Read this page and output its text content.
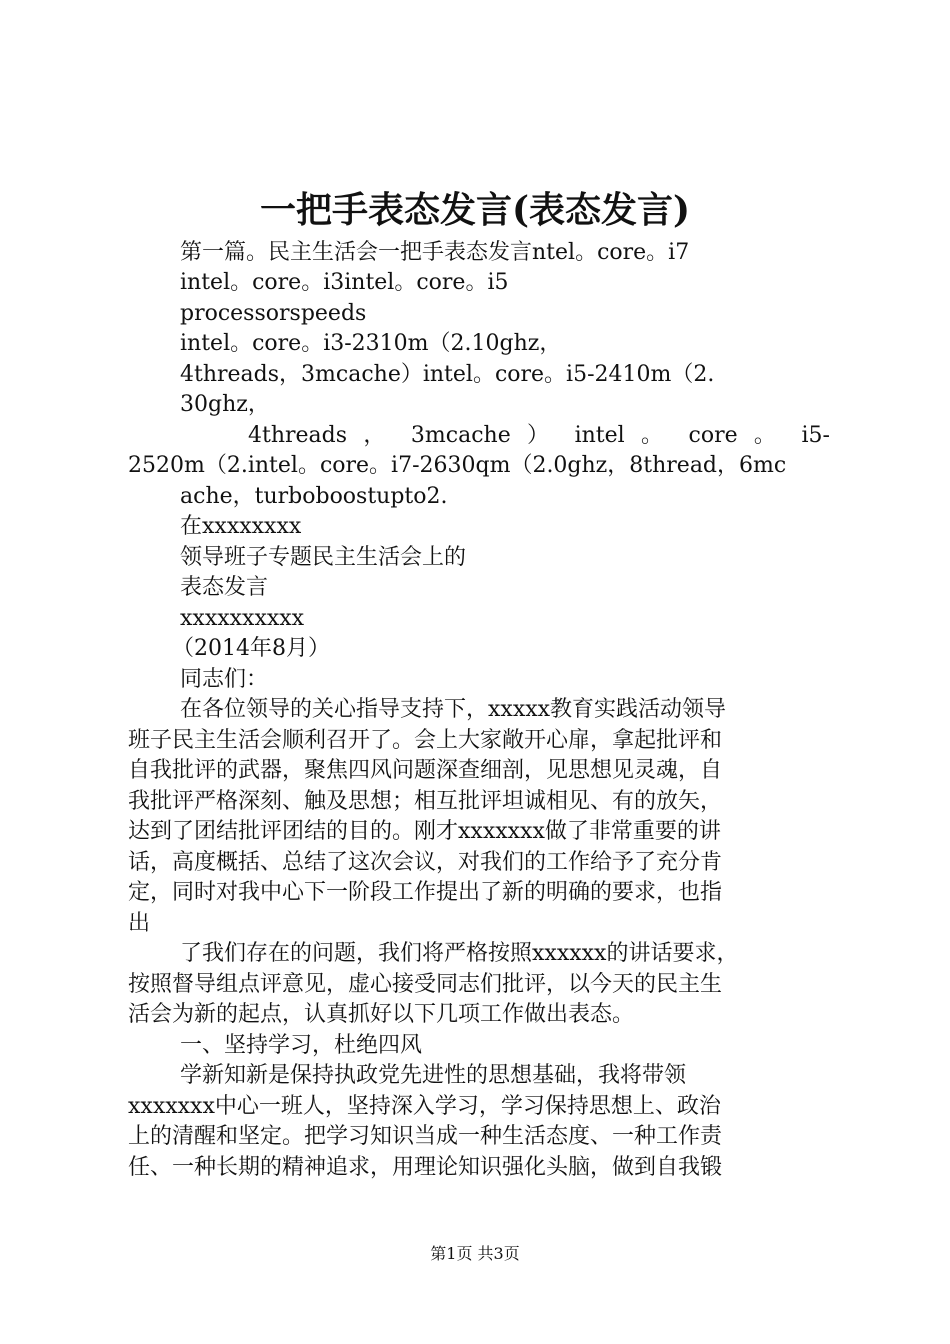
一把手表态发言(表态发言)
第一篇。民主生活会一把手表态发言ntel。core。i7
intel。core。i3intel。core。i5
processorspeeds
intel。core。i3-2310m（2.10ghz，
4threads，3mcache）intel。core。i5-2410m（2.
30ghz，
4threads ， 3mcache ） intel 。 core 。 i5-
2520m（2.intel。core。i7-2630qm（2.0ghz，8thread，6mc
ache，turboboostupto2.
在xxxxxxxx
领导班子专题民主生活会上的
表态发言
xxxxxxxxxx
（2014年8月）
同志们：
在各位领导的关心指导支持下，xxxxx教育实践活动领导
班子民主生活会顺利召开了。会上大家敞开心扉，拿起批评和
自我批评的武器，聚焦四风问题深查细剖，见思想见灵魂，自
我批评严格深刻、触及思想；相互批评坦诚相见、有的放矢，
达到了团结批评团结的目的。刚才xxxxxxx做了非常重要的讲
话，高度概括、总结了这次会议，对我们的工作给予了充分肯
定，同时对我中心下一阶段工作提出了新的明确的要求，也指
出
了我们存在的问题，我们将严格按照xxxxxx的讲话要求，
按照督导组点评意见，虚心接受同志们批评，以今天的民主生
活会为新的起点，认真抓好以下几项工作做出表态。
一、坚持学习，杜绝四风
学新知新是保持执政党先进性的思想基础，我将带领
xxxxxxx中心一班人，坚持深入学习，学习保持思想上、政治
上的清醒和坚定。把学习知识当成一种生活态度、一种工作责
任、一种长期的精神追求，用理论知识强化头脑，做到自我锻
第1页 共3页
